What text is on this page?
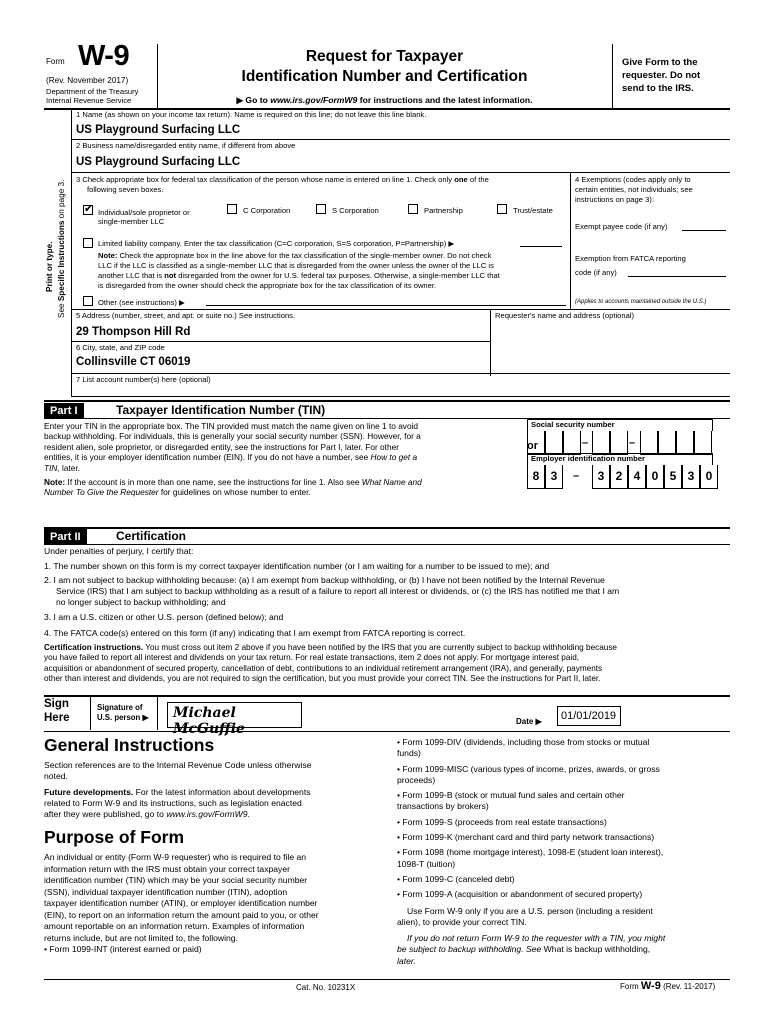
Form W-9
(Rev. November 2017)
Department of the Treasury
Internal Revenue Service
Request for Taxpayer
Identification Number and Certification
▶ Go to www.irs.gov/FormW9 for instructions and the latest information.
Give Form to the
requester. Do not
send to the IRS.
Print or type.
See Specific Instructions on page 3.
1 Name (as shown on your income tax return). Name is required on this line; do not leave this line blank.
US Playground Surfacing LLC
2 Business name/disregarded entity name, if different from above
US Playground Surfacing LLC
3 Check appropriate box for federal tax classification of the person whose name is entered on line 1. Check only one of the
following seven boxes.
✔ Individual/sole proprietor or
single-member LLC
C Corporation	S Corporation	Partnership	Trust/estate
Limited liability company. Enter the tax classification (C=C corporation, S=S corporation, P=Partnership) ▶
Note: Check the appropriate box in the line above for the tax classification of the single-member owner. Do not check
LLC if the LLC is classified as a single-member LLC that is disregarded from the owner unless the owner of the LLC is
another LLC that is not disregarded from the owner for U.S. federal tax purposes. Otherwise, a single-member LLC that
is disregarded from the owner should check the appropriate box for the tax classification of its owner.
Other (see instructions) ▶
4 Exemptions (codes apply only to
certain entities, not individuals; see
instructions on page 3):
Exempt payee code (if any)
Exemption from FATCA reporting
code (if any)
(Applies to accounts maintained outside the U.S.)
5 Address (number, street, and apt. or suite no.) See instructions.	Requester's name and address (optional)
29 Thompson Hill Rd
6 City, state, and ZIP code
Collinsville CT 06019
7 List account number(s) here (optional)
Part I	Taxpayer Identification Number (TIN)
Enter your TIN in the appropriate box. The TIN provided must match the name given on line 1 to avoid
backup withholding. For individuals, this is generally your social security number (SSN). However, for a
resident alien, sole proprietor, or disregarded entity, see the instructions for Part I, later. For other
entities, it is your employer identification number (EIN). If you do not have a number, see How to get a
TIN, later.
Note: If the account is in more than one name, see the instructions for line 1. Also see What Name and
Number To Give the Requester for guidelines on whose number to enter.
Social security number
–	–
or
Employer identification number
8 3	3 2 4 0 5 3 0
–
Part II	Certification
Under penalties of perjury, I certify that:
1. The number shown on this form is my correct taxpayer identification number (or I am waiting for a number to be issued to me); and
2. I am not subject to backup withholding because: (a) I am exempt from backup withholding, or (b) I have not been notified by the Internal Revenue
Service (IRS) that I am subject to backup withholding as a result of a failure to report all interest or dividends, or (c) the IRS has notified me that I am
no longer subject to backup withholding; and
3. I am a U.S. citizen or other U.S. person (defined below); and
4. The FATCA code(s) entered on this form (if any) indicating that I am exempt from FATCA reporting is correct.
Certification instructions. You must cross out item 2 above if you have been notified by the IRS that you are currently subject to backup withholding because
you have failed to report all interest and dividends on your tax return. For real estate transactions, item 2 does not apply. For mortgage interest paid,
acquisition or abandonment of secured property, cancellation of debt, contributions to an individual retirement arrangement (IRA), and generally, payments
other than interest and dividends, you are not required to sign the certification, but you must provide your correct TIN. See the instructions for Part II, later.
Sign
Here
Signature of
U.S. person ▶ Michael McGuffie	Date ▶ 01/01/2019
General Instructions
Section references are to the Internal Revenue Code unless otherwise
noted.
Future developments. For the latest information about developments
related to Form W-9 and its instructions, such as legislation enacted
after they were published, go to www.irs.gov/FormW9.
Purpose of Form
An individual or entity (Form W-9 requester) who is required to file an
information return with the IRS must obtain your correct taxpayer
identification number (TIN) which may be your social security number
(SSN), individual taxpayer identification number (ITIN), adoption
taxpayer identification number (ATIN), or employer identification number
(EIN), to report on an information return the amount paid to you, or other
amount reportable on an information return. Examples of information
returns include, but are not limited to, the following.
• Form 1099-INT (interest earned or paid)
• Form 1099-DIV (dividends, including those from stocks or mutual
funds)
• Form 1099-MISC (various types of income, prizes, awards, or gross
proceeds)
• Form 1099-B (stock or mutual fund sales and certain other
transactions by brokers)
• Form 1099-S (proceeds from real estate transactions)
• Form 1099-K (merchant card and third party network transactions)
• Form 1098 (home mortgage interest), 1098-E (student loan interest),
1098-T (tuition)
• Form 1099-C (canceled debt)
• Form 1099-A (acquisition or abandonment of secured property)
Use Form W-9 only if you are a U.S. person (including a resident
alien), to provide your correct TIN.
If you do not return Form W-9 to the requester with a TIN, you might
be subject to backup withholding. See What is backup withholding,
later.
Cat. No. 10231X	Form W-9 (Rev. 11-2017)
